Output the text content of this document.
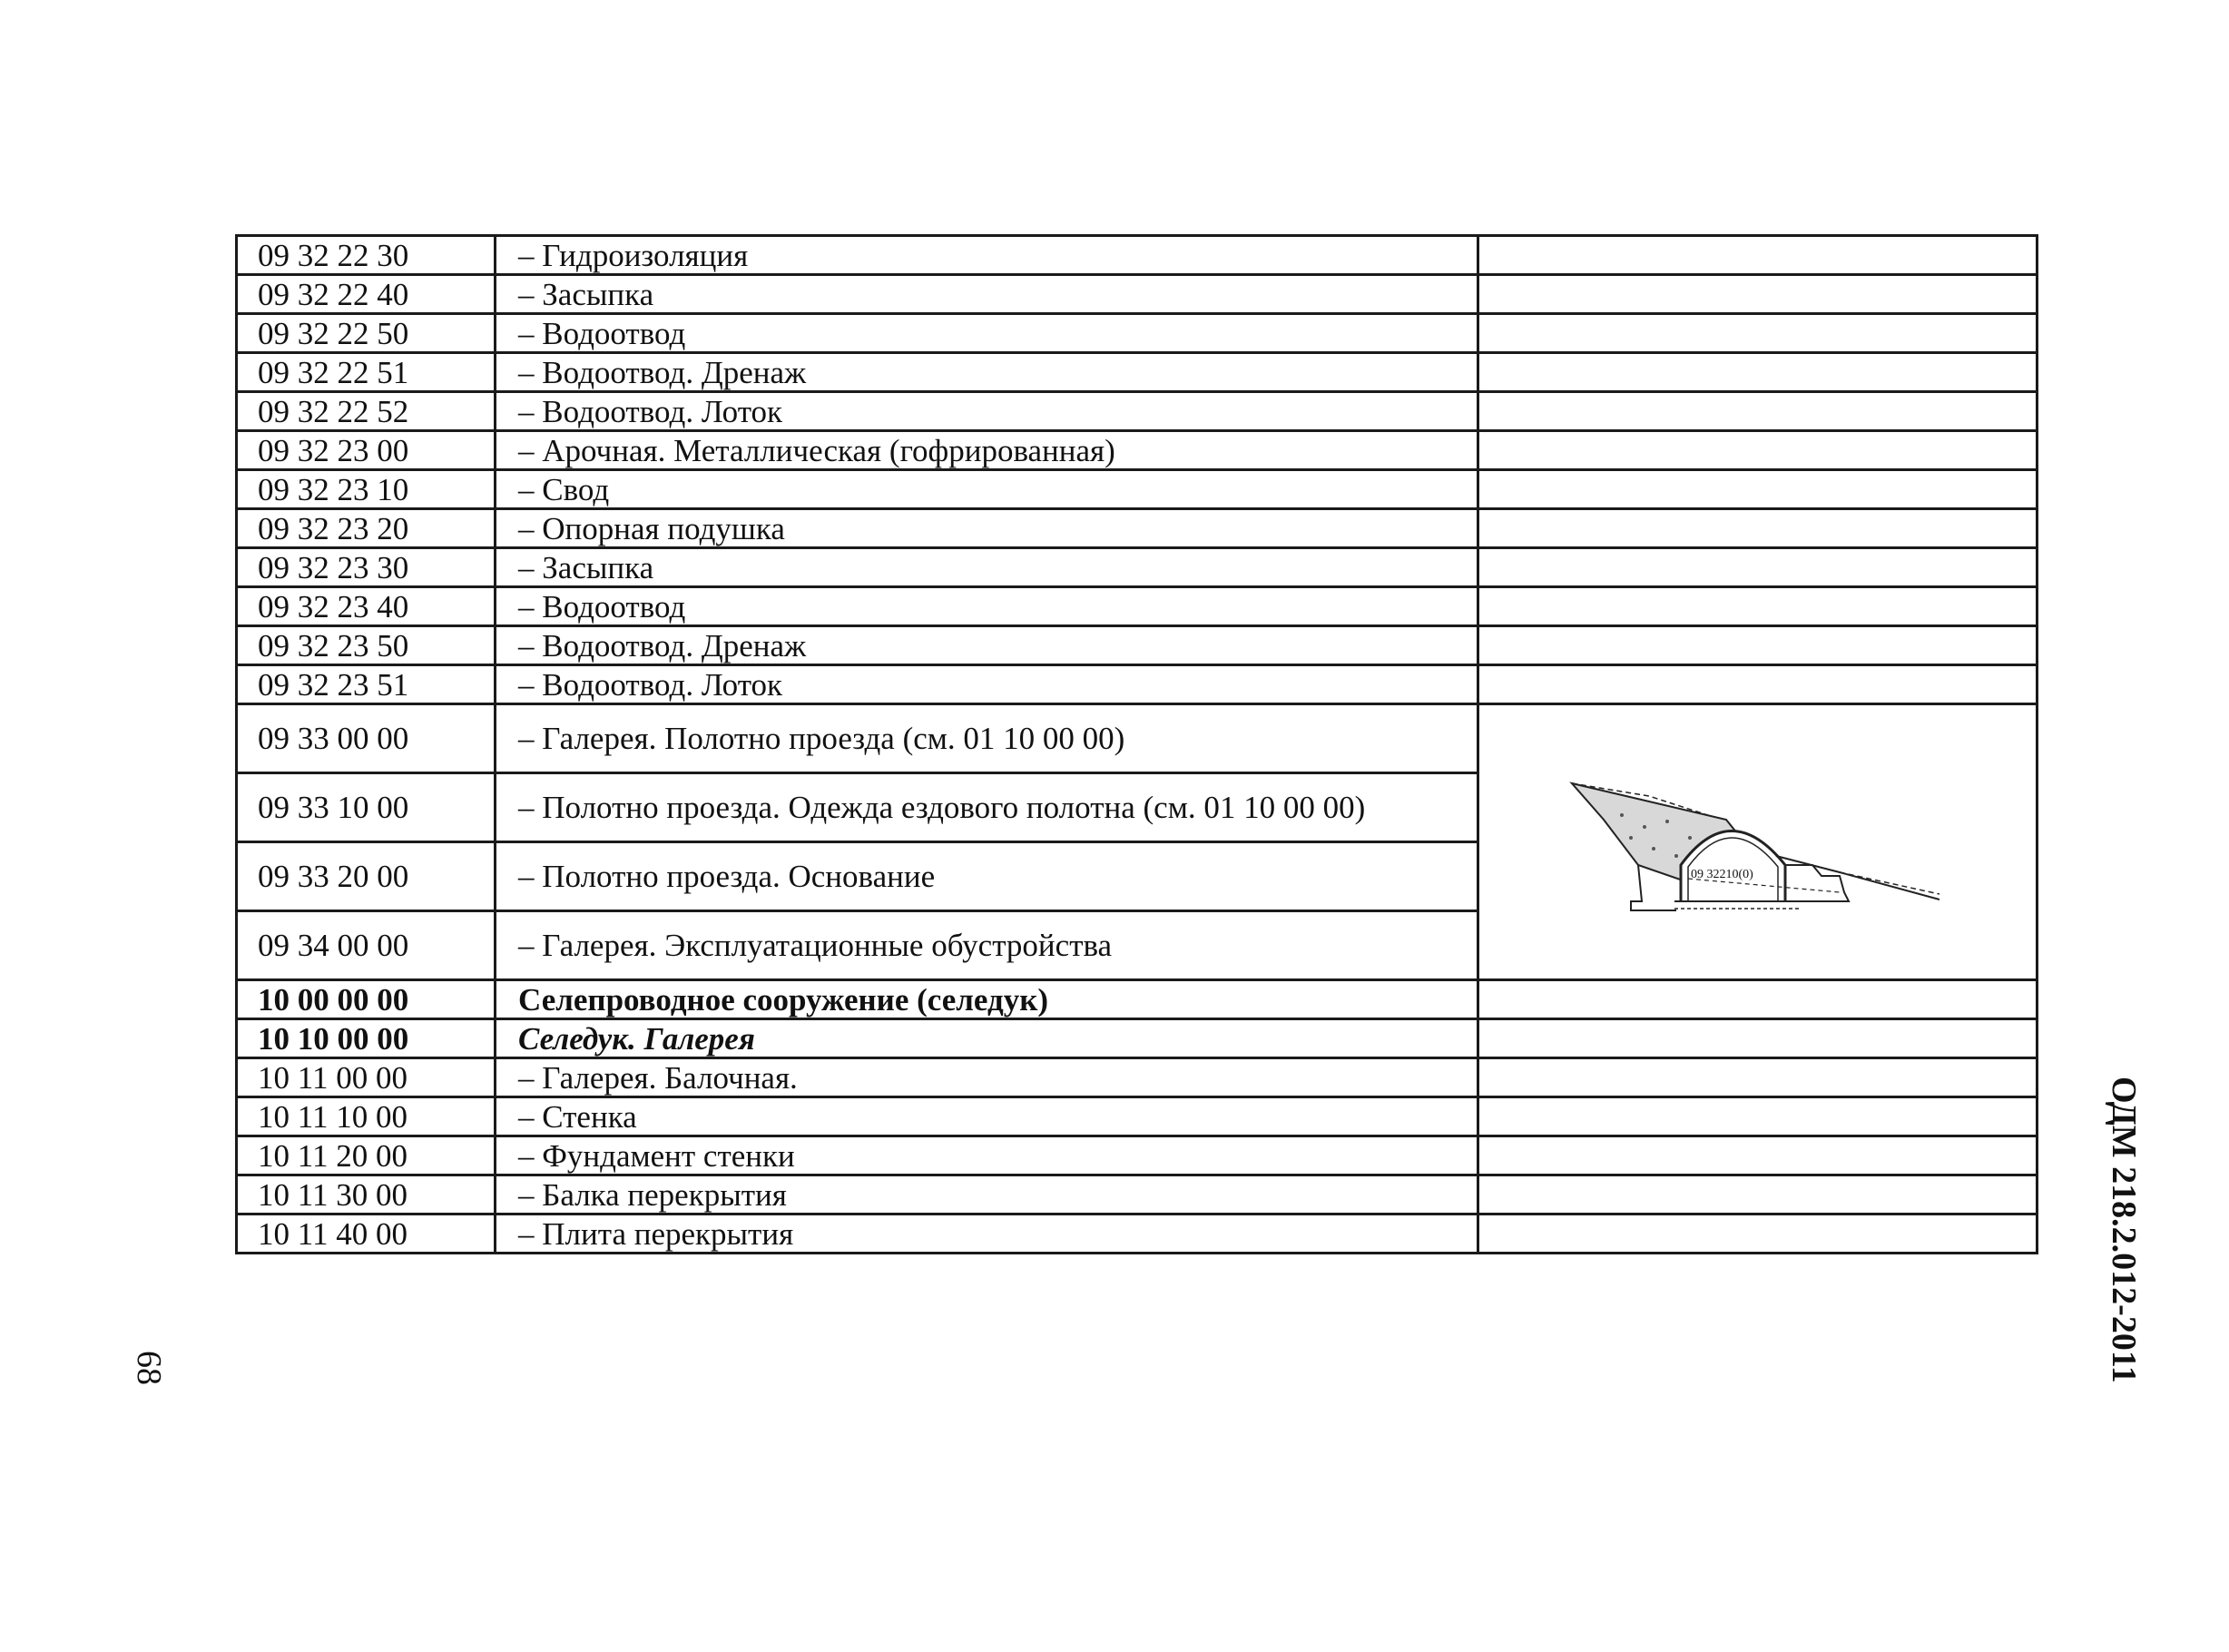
09 32 22 30	– Гидроизоляция	
09 32 22 40	– Засыпка	
09 32 22 50	– Водоотвод	
09 32 22 51	– Водоотвод. Дренаж	
09 32 22 52	– Водоотвод. Лоток	
09 32 23 00	– Арочная. Металлическая (гофрированная)	
09 32 23 10	– Свод	
09 32 23 20	– Опорная подушка	
09 32 23 30	– Засыпка	
09 32 23 40	– Водоотвод	
09 32 23 50	– Водоотвод. Дренаж	
09 32 23 51	– Водоотвод. Лоток	
09 33 00 00	– Галерея. Полотно проезда (см. 01 10 00 00)	09 32210(0)

09 33 10 00	– Полотно проезда. Одежда ездового полотна (см. 01 10 00 00)	
09 33 20 00	– Полотно проезда. Основание	
09 34 00 00	– Галерея. Эксплуатационные обустройства	
10 00 00 00	Селепроводное сооружение (селедук)	
10 10 00 00	Селедук. Галерея	
10 11 00 00	– Галерея. Балочная.	
10 11 10 00	– Стенка	
10 11 20 00	– Фундамент стенки	
10 11 30 00	– Балка перекрытия	
10 11 40 00	– Плита перекрытия		ОДМ 218.2.012-2011
68
